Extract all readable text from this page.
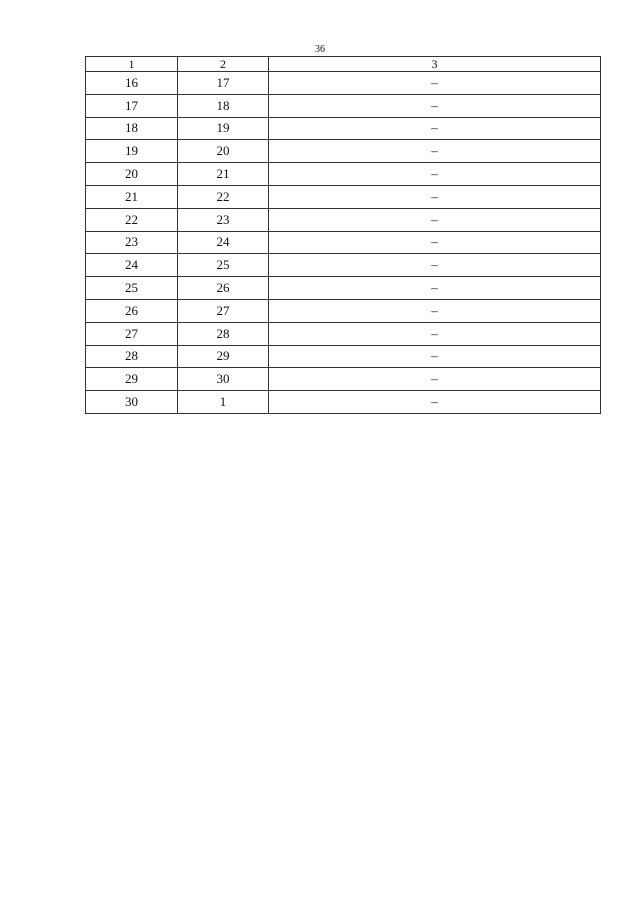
36
1	2	3
16	17	–
17	18	–
18	19	–
19	20	–
20	21	–
21	22	–
22	23	–
23	24	–
24	25	–
25	26	–
26	27	–
27	28	–
28	29	–
29	30	–
30	1	–
